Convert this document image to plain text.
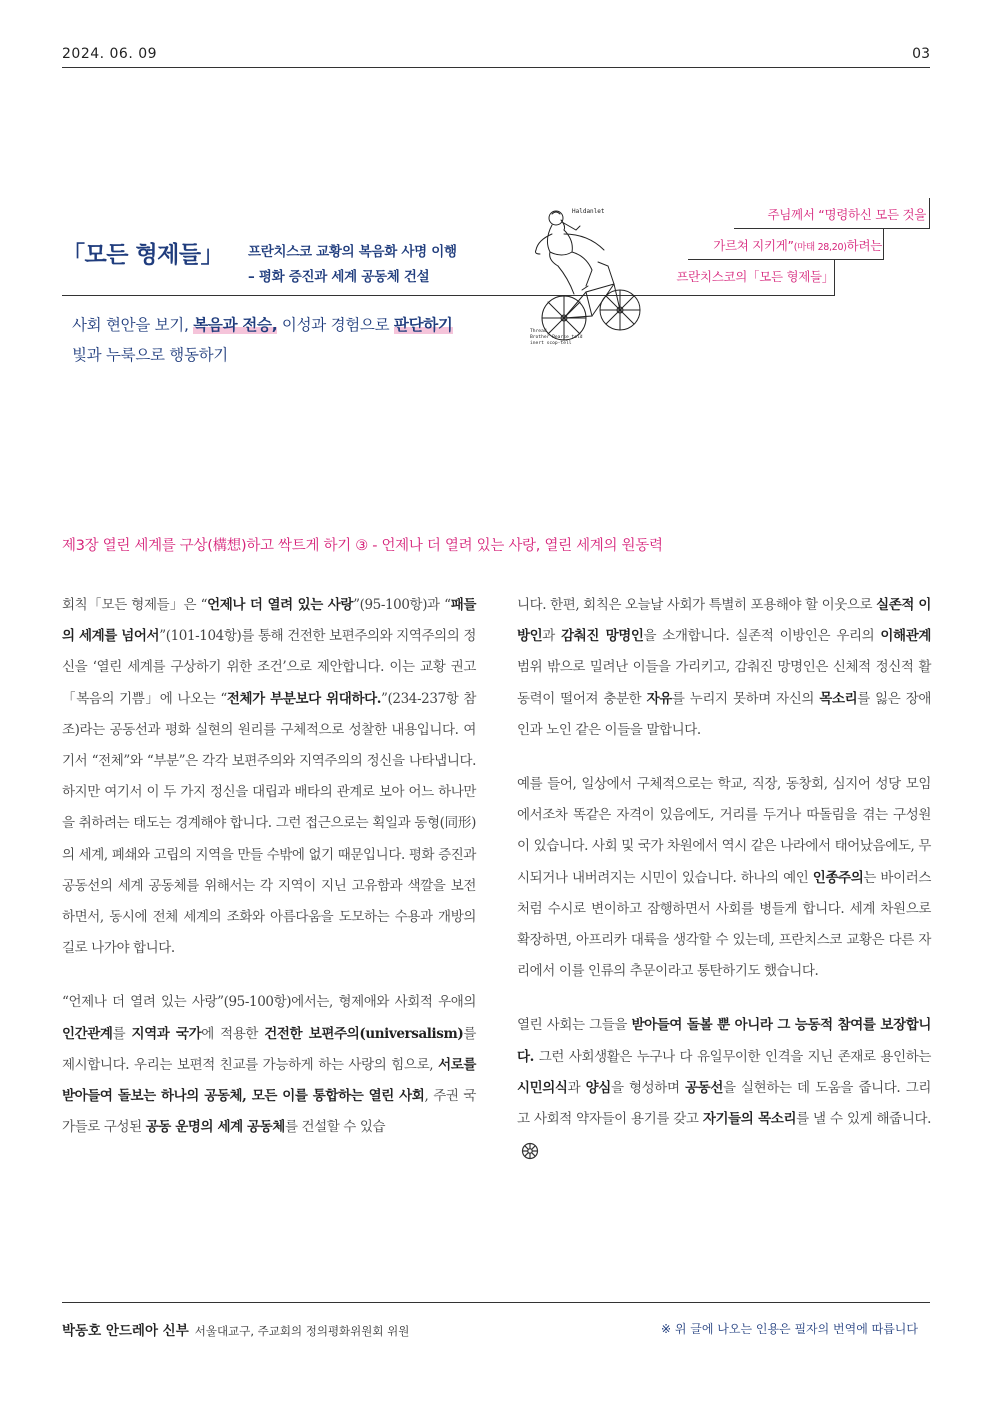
2024. 06. 09	03
「모든 형제들」 프란치스코 교황의 복음화 사명 이행
– 평화 증진과 세계 공동체 건설
사회 현안을 보기, 복음과 전승, 이성과 경험으로 판단하기
빛과 누룩으로 행동하기
Haldanlet
Thread
Brother Pearse told
inert scop-tell
주님께서 “명령하신 모든 것을
가르쳐 지키게”(마태 28,20)하려는
프란치스코의「모든 형제들」
제3장 열린 세계를 구상(構想)하고 싹트게 하기 ③ - 언제나 더 열려 있는 사랑, 열린 세계의 원동력

회칙「모든 형제들」은 “언제나 더 열려 있는 사랑”(95-100항)과 “패들의 세계를 넘어서”(101-104항)를 통해 건전한 보편주의와 지역주의의 정신을 ‘열린 세계를 구상하기 위한 조건’으로 제안합니다. 이는 교황 권고「복음의 기쁨」에 나오는 “전체가 부분보다 위대하다.”(234-237항 참조)라는 공동선과 평화 실현의 원리를 구체적으로 성찰한 내용입니다. 여기서 “전체”와 “부분”은 각각 보편주의와 지역주의의 정신을 나타냅니다. 하지만 여기서 이 두 가지 정신을 대립과 배타의 관계로 보아 어느 하나만을 취하려는 태도는 경계해야 합니다. 그런 접근으로는 획일과 동형(同形)의 세계, 폐쇄와 고립의 지역을 만들 수밖에 없기 때문입니다. 평화 증진과 공동선의 세계 공동체를 위해서는 각 지역이 지닌 고유함과 색깔을 보전하면서, 동시에 전체 세계의 조화와 아름다움을 도모하는 수용과 개방의 길로 나가야 합니다.

“언제나 더 열려 있는 사랑”(95-100항)에서는, 형제애와 사회적 우애의 인간관계를 지역과 국가에 적용한 건전한 보편주의(universalism)를 제시합니다. 우리는 보편적 친교를 가능하게 하는 사랑의 힘으로, 서로를 받아들여 돌보는 하나의 공동체, 모든 이를 통합하는 열린 사회, 주권 국가들로 구성된 공동 운명의 세계 공동체를 건설할 수 있습

니다. 한편, 회칙은 오늘날 사회가 특별히 포용해야 할 이웃으로 실존적 이방인과 감춰진 망명인을 소개합니다. 실존적 이방인은 우리의 이해관계 범위 밖으로 밀려난 이들을 가리키고, 감춰진 망명인은 신체적 정신적 활동력이 떨어져 충분한 자유를 누리지 못하며 자신의 목소리를 잃은 장애인과 노인 같은 이들을 말합니다.

예를 들어, 일상에서 구체적으로는 학교, 직장, 동창회, 심지어 성당 모임에서조차 똑같은 자격이 있음에도, 거리를 두거나 따돌림을 겪는 구성원이 있습니다. 사회 및 국가 차원에서 역시 같은 나라에서 태어났음에도, 무시되거나 내버려지는 시민이 있습니다. 하나의 예인 인종주의는 바이러스처럼 수시로 변이하고 잠행하면서 사회를 병들게 합니다. 세계 차원으로 확장하면, 아프리카 대륙을 생각할 수 있는데, 프란치스코 교황은 다른 자리에서 이를 인류의 추문이라고 통탄하기도 했습니다.

열린 사회는 그들을 받아들여 돌볼 뿐 아니라 그 능동적 참여를 보장합니다. 그런 사회생활은 누구나 다 유일무이한 인격을 지닌 존재로 용인하는 시민의식과 양심을 형성하며 공동선을 실현하는 데 도움을 줍니다. 그리고 사회적 약자들이 용기를 갖고 자기들의 목소리를 낼 수 있게 해줍니다.

박동호 안드레아 신부 서울대교구, 주교회의 정의평화위원회 위원	※ 위 글에 나오는 인용은 필자의 번역에 따릅니다
